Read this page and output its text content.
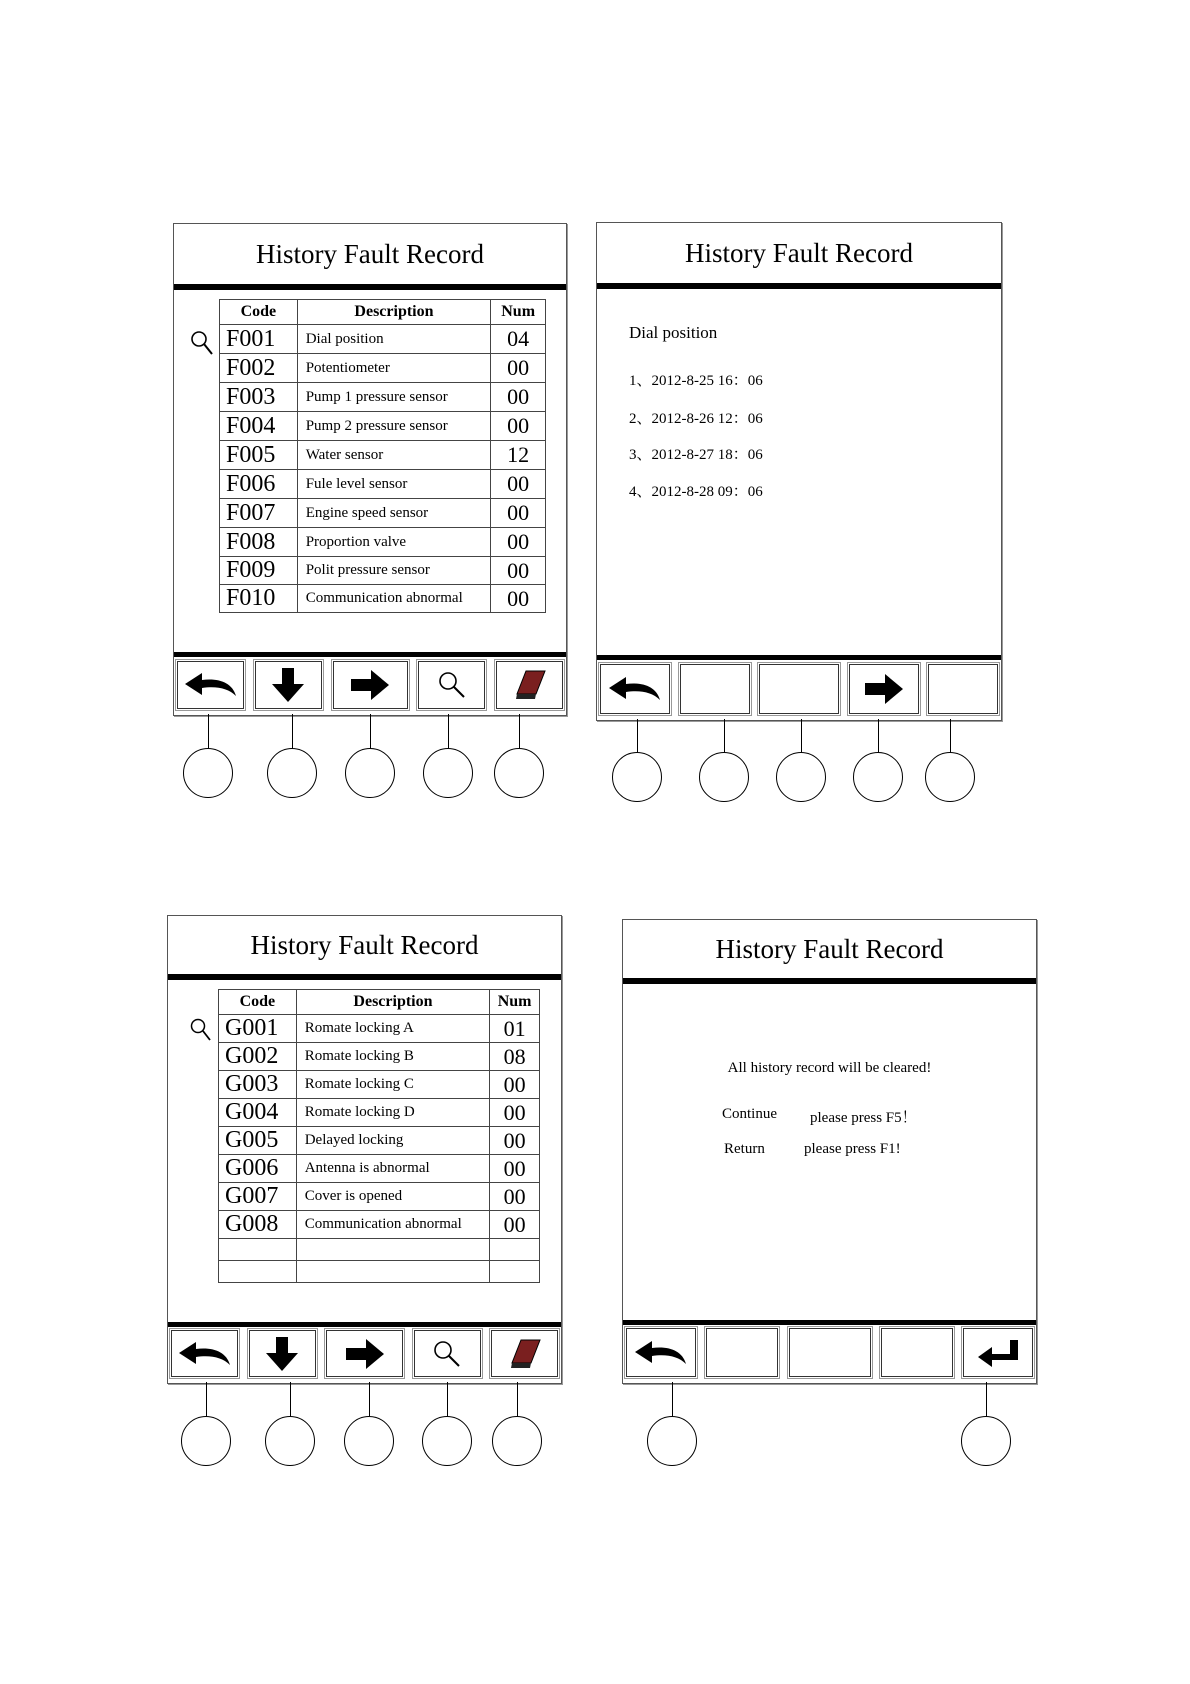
History Fault Record
Code	Description	Num
F001	Dial position	04
F002	Potentiometer	00
F003	Pump 1 pressure sensor	00
F004	Pump 2 pressure sensor	00
F005	Water sensor	12
F006	Fule level sensor	00
F007	Engine speed sensor	00
F008	Proportion valve	00
F009	Polit pressure sensor	00
F010	Communication abnormal	00
History Fault Record
Dial position
1、2012-8-25 16：06
2、2012-8-26 12：06
3、2012-8-27 18：06
4、2012-8-28 09：06
History Fault Record
Code	Description	Num
G001	Romate locking A	01
G002	Romate locking B	08
G003	Romate locking C	00
G004	Romate locking D	00
G005	Delayed locking	00
G006	Antenna is abnormal	00
G007	Cover is opened	00
G008	Communication abnormal	00

History Fault Record
All history record will be cleared!
Continue please press F5！
Return	please press F1!
